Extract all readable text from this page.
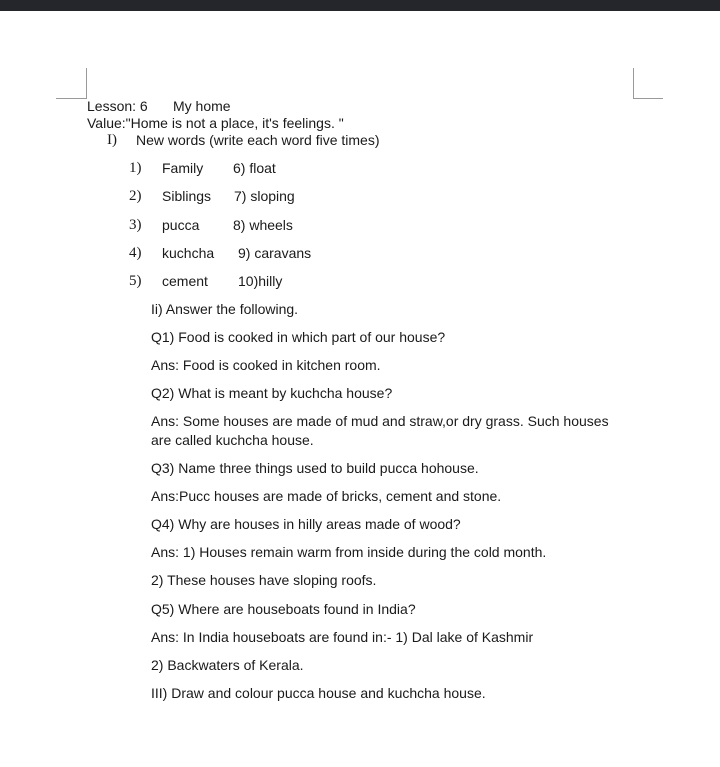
Lesson: 6 My home
Value:"Home is not a place, it's feelings. "
I) New words (write each word five times)
1) Family 6) float
2) Siblings 7) sloping
3) pucca 8) wheels
4) kuchcha 9) caravans
5) cement 10)hilly
Ii) Answer the following.
Q1) Food is cooked in which part of our house?
Ans: Food is cooked in kitchen room.
Q2) What is meant by kuchcha house?
Ans: Some houses are made of mud and straw,or dry grass. Such houses are called kuchcha house.
Q3) Name three things used to build pucca hohouse.
Ans:Pucc houses are made of bricks, cement and stone.
Q4) Why are houses in hilly areas made of wood?
Ans: 1) Houses remain warm from inside during the cold month.
2) These houses have sloping roofs.
Q5) Where are houseboats found in India?
Ans: In India houseboats are found in:- 1) Dal lake of Kashmir
2) Backwaters of Kerala.
III) Draw and colour pucca house and kuchcha house.
